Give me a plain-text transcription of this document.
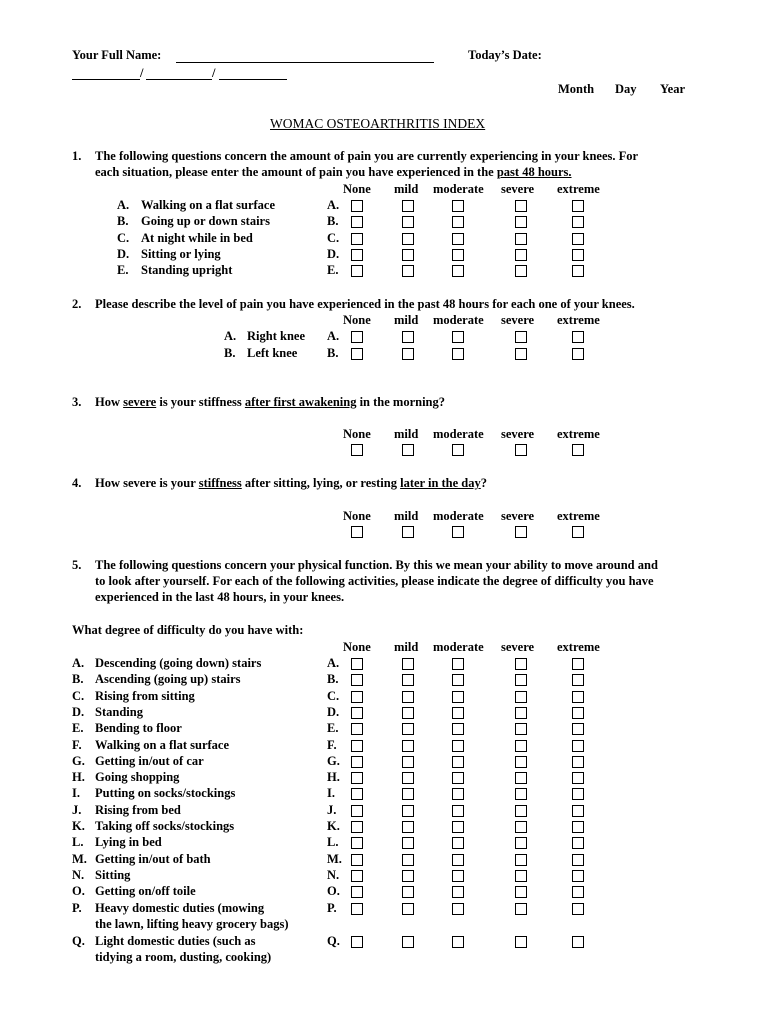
Your Full Name:	Today’s Date:
/	/
Month Day Year
WOMAC OSTEOARTHRITIS INDEX
1. The following questions concern the amount of pain you are currently experiencing in your knees. For
each situation, please enter the amount of pain you have experienced in the past 48 hours.
None mild moderate severe extreme
A. Walking on a flat surface	A.
B. Going up or down stairs	B.
C. At night while in bed	C.
D. Sitting or lying	D.
E. Standing upright	E.
2. Please describe the level of pain you have experienced in the past 48 hours for each one of your knees.
None mild moderate severe extreme
A. Right knee A.
B. Left knee B.
3. How severe is your stiffness after first awakening in the morning?
None mild moderate severe extreme
4. How severe is your stiffness after sitting, lying, or resting later in the day?
None mild moderate severe extreme
5. The following questions concern your physical function. By this we mean your ability to move around and
to look after yourself. For each of the following activities, please indicate the degree of difficulty you have
experienced in the last 48 hours, in your knees.
What degree of difficulty do you have with:
None mild moderate severe extreme
A. Descending (going down) stairs	A.
B. Ascending (going up) stairs	B.
C. Rising from sitting	C.
D. Standing	D.
E. Bending to floor	E.
F. Walking on a flat surface	F.
G. Getting in/out of car	G.
H. Going shopping	H.
I. Putting on socks/stockings	I.
J. Rising from bed	J.
K. Taking off socks/stockings	K.
L. Lying in bed	L.
M. Getting in/out of bath	M.
N. Sitting	N.
O. Getting on/off toile	O.
P. Heavy domestic duties (mowing
the lawn, lifting heavy grocery bags)
P.
Q. Light domestic duties (such as
tidying a room, dusting, cooking)
Q.
